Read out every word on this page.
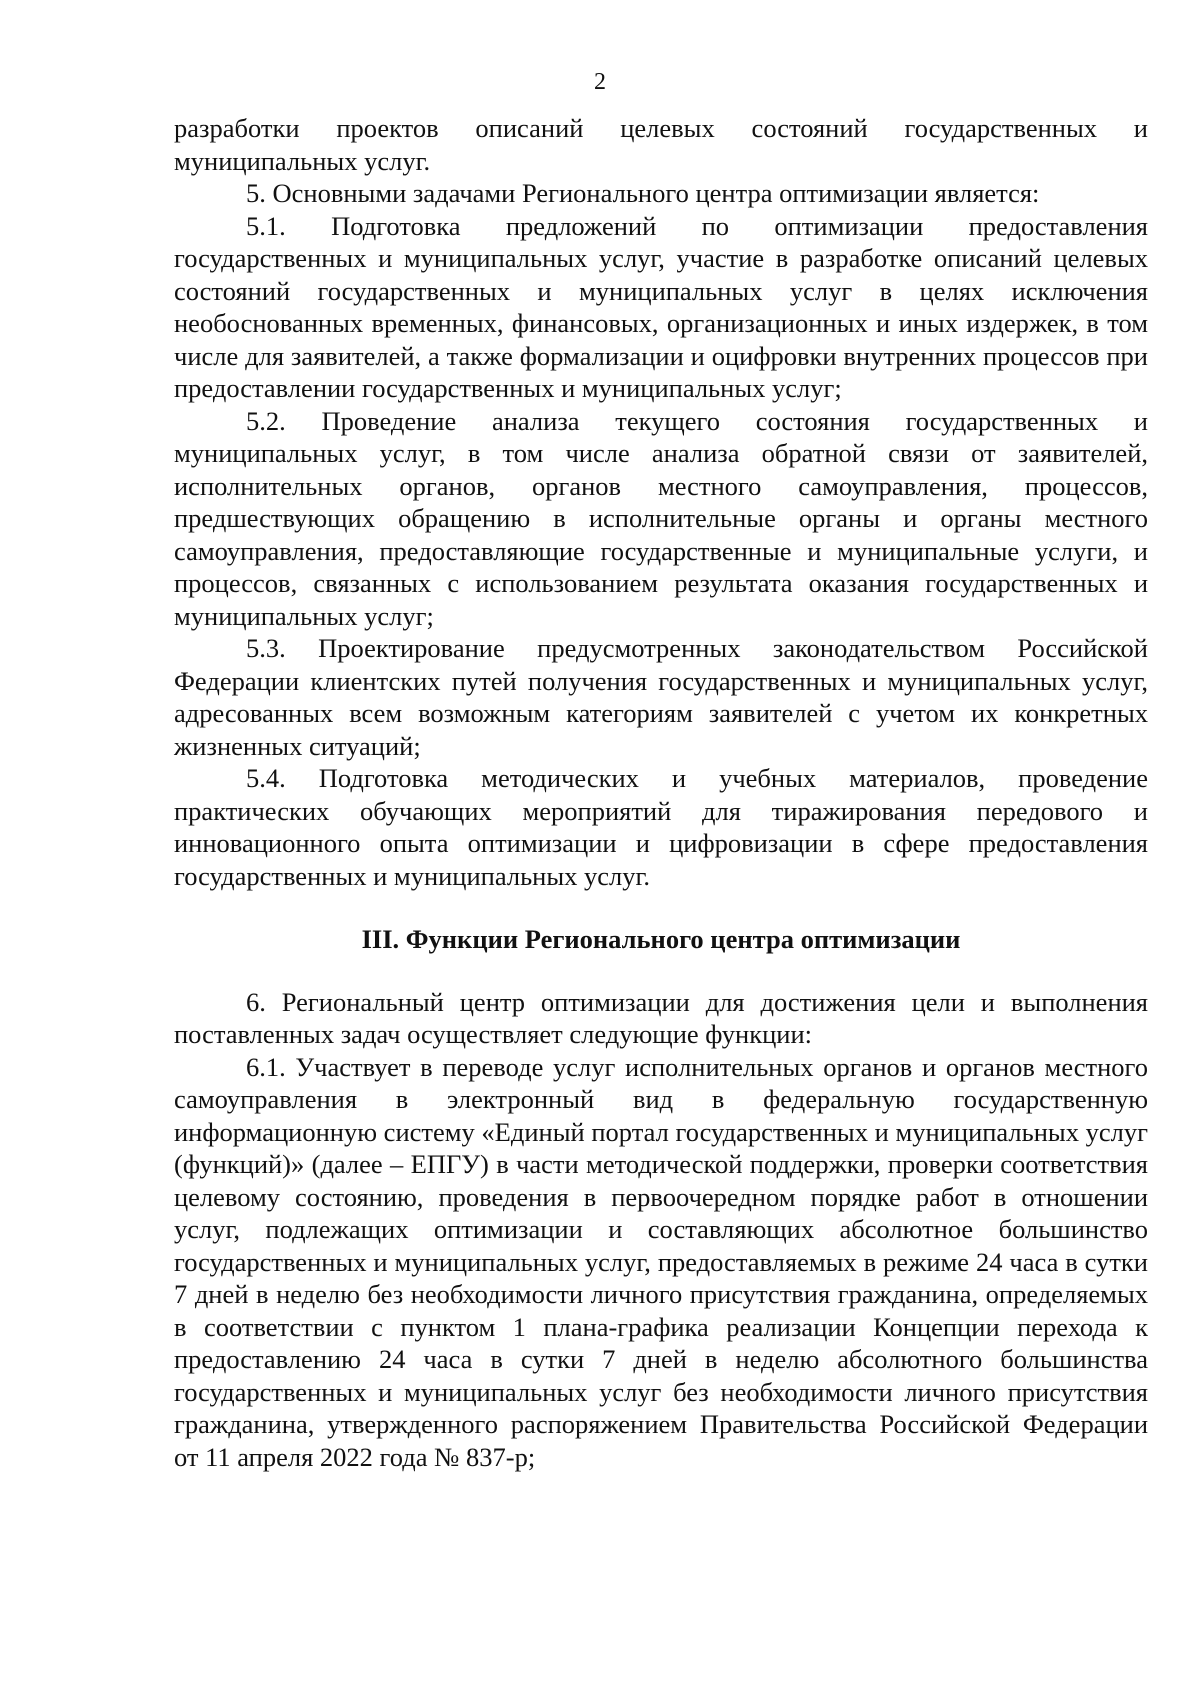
2

разработки проектов описаний целевых состояний государственных и муниципальных услуг.

5. Основными задачами Регионального центра оптимизации является:

5.1. Подготовка предложений по оптимизации предоставления государственных и муниципальных услуг, участие в разработке описаний целевых состояний государственных и муниципальных услуг в целях исключения необоснованных временных, финансовых, организационных и иных издержек, в том числе для заявителей, а также формализации и оцифровки внутренних процессов при предоставлении государственных и муниципальных услуг;

5.2. Проведение анализа текущего состояния государственных и муниципальных услуг, в том числе анализа обратной связи от заявителей, исполнительных органов, органов местного самоуправления, процессов, предшествующих обращению в исполнительные органы и органы местного самоуправления, предоставляющие государственные и муниципальные услуги, и процессов, связанных с использованием результата оказания государственных и муниципальных услуг;

5.3. Проектирование предусмотренных законодательством Российской Федерации клиентских путей получения государственных и муниципальных услуг, адресованных всем возможным категориям заявителей с учетом их конкретных жизненных ситуаций;

5.4. Подготовка методических и учебных материалов, проведение практических обучающих мероприятий для тиражирования передового и инновационного опыта оптимизации и цифровизации в сфере предоставления государственных и муниципальных услуг.

III. Функции Регионального центра оптимизации

6. Региональный центр оптимизации для достижения цели и выполнения поставленных задач осуществляет следующие функции:

6.1. Участвует в переводе услуг исполнительных органов и органов местного самоуправления в электронный вид в федеральную государственную информационную систему «Единый портал государственных и муниципальных услуг (функций)» (далее – ЕПГУ) в части методической поддержки, проверки соответствия целевому состоянию, проведения в первоочередном порядке работ в отношении услуг, подлежащих оптимизации и составляющих абсолютное большинство государственных и муниципальных услуг, предоставляемых в режиме 24 часа в сутки 7 дней в неделю без необходимости личного присутствия гражданина, определяемых в соответствии с пунктом 1 плана-графика реализации Концепции перехода к предоставлению 24 часа в сутки 7 дней в неделю абсолютного большинства государственных и муниципальных услуг без необходимости личного присутствия гражданина, утвержденного распоряжением Правительства Российской Федерации от 11 апреля 2022 года № 837-р;
